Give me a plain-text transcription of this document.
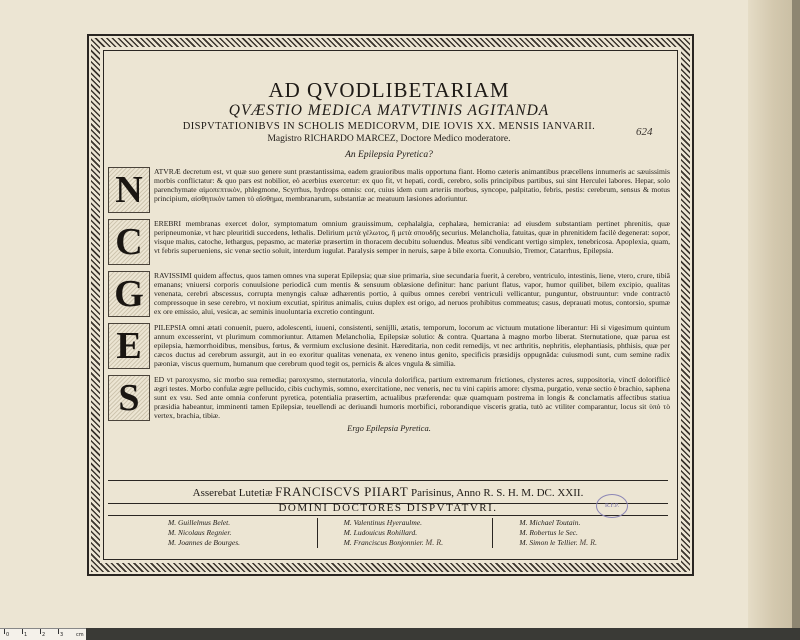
624
AD QVODLIBETARIAM
QVÆSTIO MEDICA MATVTINIS AGITANDA
DISPVTATIONIBVS IN SCHOLIS MEDICORVM, DIE IOVIS XX. MENSIS IANVARII.
Magistro RICHARDO MARCEZ, Doctore Medico moderatore.
An Epilepsia Pyretica?
N	ATVRÆ decretum est, vt quæ suo genere sunt præstantissima, eadem grauioribus malis opportuna fiant. Homo cæteris animantibus præcellens innumeris ac sæuissimis morbis conflictatur: & quo pars est nobilior, eò acerbius exercetur: ex quo fit, vt hepati, cordi, cerebro, solis principibus partibus, sui sint Herculei labores. Hepar, solo parenchymate αἱμοπεπτικὸν, phlegmone, Scyrrhus, hydrops omnis: cor, cuius idem cum arteriis morbus, syncope, palpitatio, febris, pestis: cerebrum, sensus & motus principium, αἰσθητικὸν tamen τὸ αἴσθημα, membranarum, substantiæ ac meatuum læsiones adoriuntur.
C	EREBRI membranas exercet dolor, symptomatum omnium grauissimum, cephalalgia, cephalæa, hemicrania: ad eiusdem substantiam pertinet phrenitis, quæ peripneumoniæ, vt hæc pleuritidi succedens, lethalis. Delirium μετὰ γέλωτος, ἢ μετὰ σπουδῆς securius. Melancholia, fatuitas, quæ in phrenitidem facilè degenerat: sopor, visque malus, catoche, lethargus, pepasmo, ac materiæ præsertim in thoracem decubitu soluendus. Meatus sibi vendicant vertigo simplex, tenebricosa. Apoplexia, quam, vt febris superueniens, sic venæ sectio soluit, interdum iugulat. Paralysis semper in neruis, sæpe à bile exorta. Conuulsio, Tremor, Catarrhus, Epilepsia.
G	RAVISSIMI quidem affectus, quos tamen omnes vna superat Epilepsia; quæ siue primaria, siue secundaria fuerit, à cerebro, ventriculo, intestinis, liene, vtero, crure, tibiâ emanans; vniuersi corporis conuulsione periodicâ cum mentis & sensuum oblæsione definitur: hanc pariunt flatus, vapor, humor quilibet, bilem excipio, qualitas venenata, cerebri abscessus, corrupta menyngis caluæ adhærentis portio, à quibus omnes cerebri ventriculi vellicantur, punguntur, obstruuntur: vnde contractò compressoque in sese cerebro, vt noxium excutiat, spiritus animalis, cuius duplex est origo, ad neruos prohibitus commeatus; casus, deprauati motus, contorsio, spumæ ex ore emissio, alui, vesicæ, ac seminis inuoluntaria excretio contingunt.
E	PILEPSIA omni ætati conuenit, puero, adolescenti, iuueni, consistenti, senijlli, ætatis, temporum, locorum ac victuum mutatione liberantur: Hi si vigesimum quintum annum excesserint, vt plurimum commoriuntur. Attamen Melancholia, Epilepsiæ solutio: & contra. Quartana à magno morbo liberat. Sternutatione, quæ parua est epilepsia, hæmorrhoidibus, mensibus, fœtus, & vermium exclusione desinit. Hæreditaria, non cedit remedijs, vt nec arthritis, nephritis, elephantiasis, phthisis, quæ per cæcos ductus ad cerebrum assurgit, aut in eo exoritur qualitas venenata, ex veneno intus genito, specificis præsidijs oppugnãda: cuiusmodi sunt, cum semine radix pæoniæ, viscus quernum, humanum que cerebrum quod tegit os, pernicis & alces vngula & similia.
S	ED vt paroxysmo, sic morbo sua remedia; paroxysmo, sternutatoria, vincula dolorifica, partium extremarum frictiones, clysteres acres, suppositoria, vinctî doloriflicè ægri testes. Morbo confulæ ægre pellucido, cibis cuchymis, somno, exercitatione, nec veneris, nec tu vini capiris amore: clysma, purgatio, venæ sectio è brachio, saphena sunt ex vsu. Sed ante omnia conferunt pyretica, potentialia præsertim, actualibus præferenda: quæ quamquam postrema in longis & conclamatis affectibus statiua præsidia habeantur, imminenti tamen Epilepsiæ, teuellendi ac deriuandi humoris morbifici, roborandique visceris gratia, tutò ac vtiliter comparantur, locus sit ὑπὸ τὸ vertex, brachia, tibiæ.
Ergo Epilepsia Pyretica.
Asserebat Lutetiæ FRANCISCVS PIIART Parisinus, Anno R. S. H. M. DC. XXII.
DOMINI DOCTORES DISPVTATVRI.
M. Guillelmus Belet.
M. Nicolaus Regnier.
M. Joannes de Bourges.
M. Valentinus Hyeraulme.
M. Ludouicus Rohillard.
M. Franciscus Bonjonnier. M. R.
M. Michael Toutain.
M. Robertus le Sec.
M. Simon le Tellier. M. R.
R.F.P.
0	1	2	3	cm
